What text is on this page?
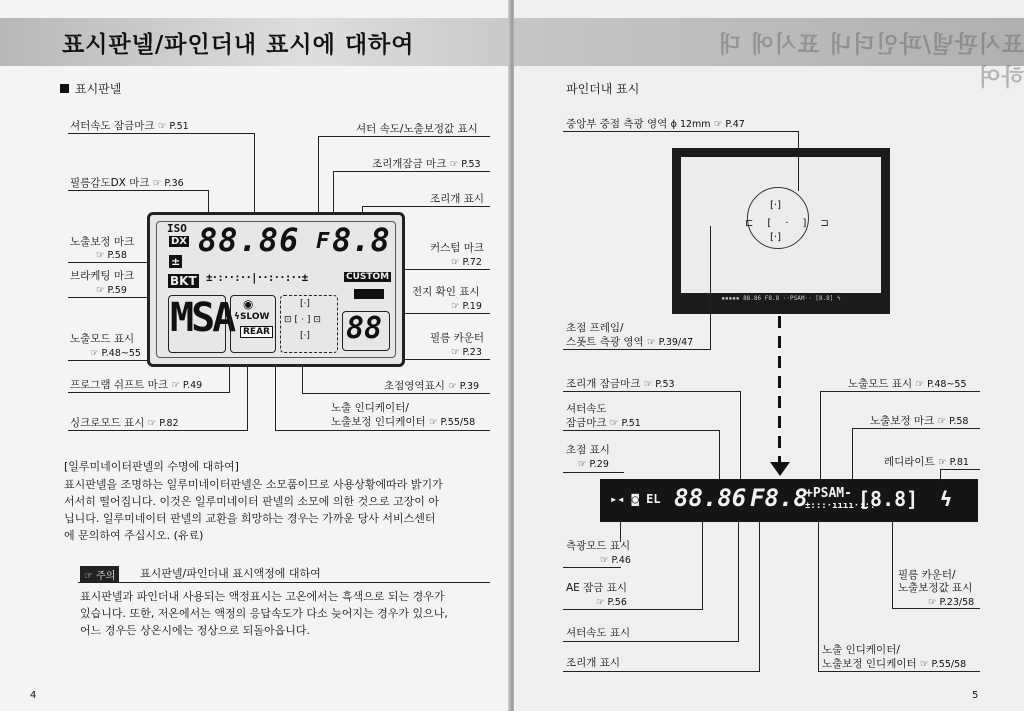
표시판넬/파인더내 표시에 대하여
표시판넬
셔터속도 잠금마크 ☞ P.51
필름감도DX 마크 ☞ P.36
노출보정 마크
☞ P.58
브라케팅 마크
☞ P.59
노출모드 표시
☞ P.48~55
프로그램 쉬프트 마크 ☞ P.49
싱크로모드 표시 ☞ P.82
셔터 속도/노출보정값 표시
조리개잠금 마크 ☞ P.53
조리개 표시
커스텀 마크
☞ P.72
전지 확인 표시
☞ P.19
필름 카운터
☞ P.23
초점영역표시 ☞ P.39
노출 인디케이터/
노출보정 인디케이터 ☞ P.55/58
ISO
DX 88.86 F 8.8
±
BKT ±·:··:··|··:··:··±	CUSTOM
MSA ◉
ϟSLOW
REAR
[·]
⊡[·]⊡
[·] 88
[일루미네이터판넬의 수명에 대하여]
표시판넬을 조명하는 일루미네이터판넬은 소모품이므로 사용상황에따라 밝기가
서서히 떨어집니다. 이것은 일루미네이터 판넬의 소모에 의한 것으로 고장이 아
닙니다. 일루미네이터 판넬의 교환을 희망하는 경우는 가까운 당사 서비스센터
에 문의하여 주십시오. (유료)
☞ 주의	표시판넬/파인더내 표시액정에 대하여
표시판넬과 파인더내 사용되는 액정표시는 고온에서는 흑색으로 되는 경우가
있습니다. 또한, 저온에서는 액정의 응답속도가 다소 늦어지는 경우가 있으나,
어느 경우든 상온시에는 정상으로 되돌아옵니다.
4
표시판넬/파인더내 표시에 대하여
파인더내 표시
[·]
⊏[·]⊐
[·]
▪▪▪▪▪ 88.86 F8.8 ··PSAM·· [8.8] ϟ
중앙부 중점 측광 영역 ϕ 12mm ☞ P.47
초점 프레임/
스폿트 측광 영역 ☞ P.39/47
조리개 잠금마크 ☞ P.53
셔터속도
잠금마크 ☞ P.51
초점 표시
☞ P.29
▸◂ ◙ EL 88.86 F8.8
+PSAM-
±:::·ıııı·:::
[8.8] ϟ
측광모드 표시
☞ P.46
AE 잠금 표시
☞ P.56
셔터속도 표시
조리개 표시
노출모드 표시 ☞ P.48~55
노출보정 마크 ☞ P.58
레디라이트 ☞ P.81
필름 카운터/
노출보정값 표시
☞ P.23/58
노출 인디케이터/
노출보정 인디케이터 ☞ P.55/58
5
